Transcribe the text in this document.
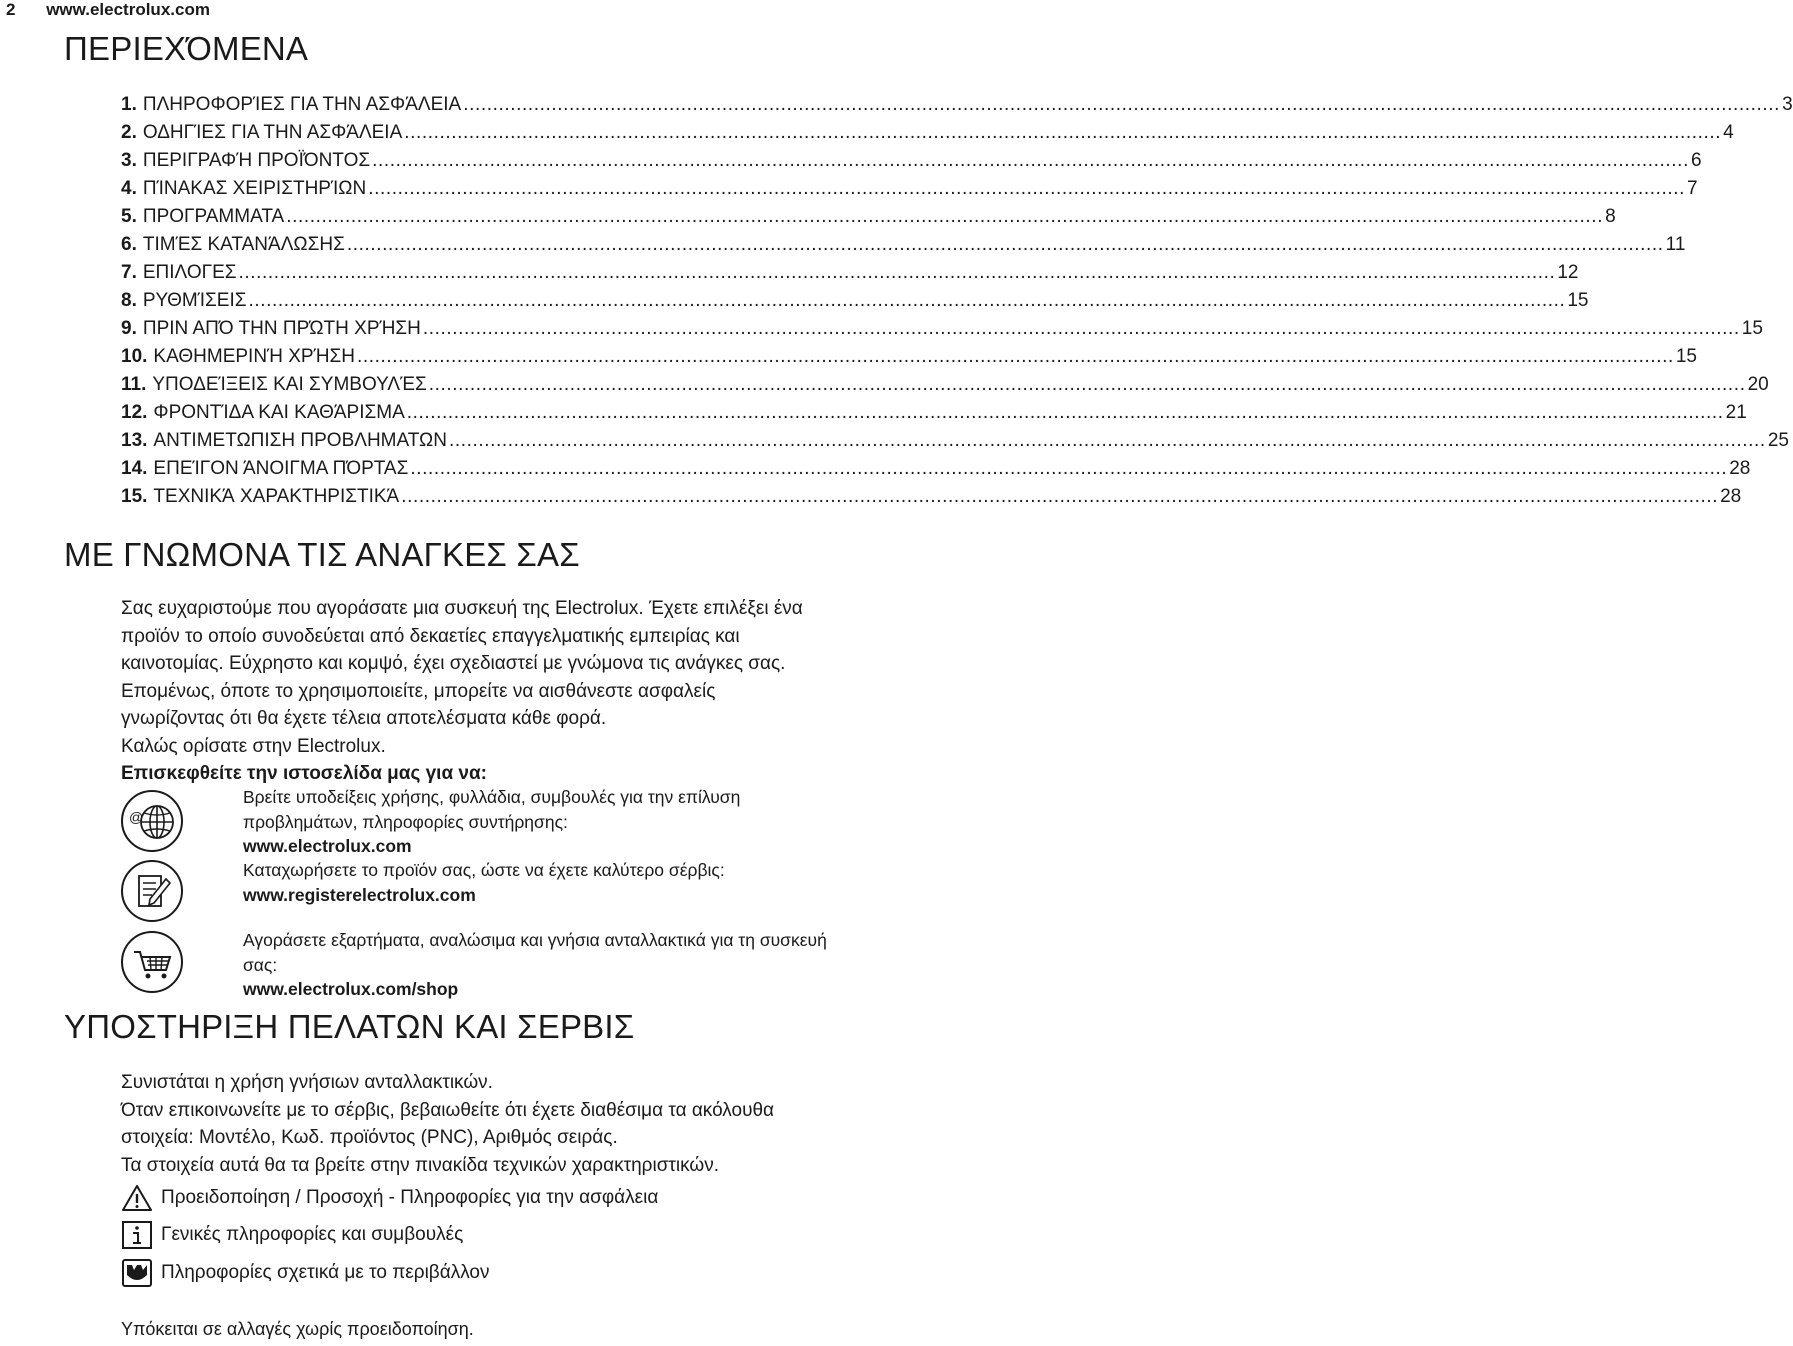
2 www.electrolux.com
ΠΕΡΙΕΧΌΜΕΝΑ
1. ΠΛΗΡΟΦΟΡΊΕΣ ΓΙΑ ΤΗΝ ΑΣΦΆΛΕΙΑ .....	3
2. ΟΔΗΓΊΕΣ ΓΙΑ ΤΗΝ ΑΣΦΆΛΕΙΑ .....	4
3. ΠΕΡΙΓΡΑΦΉ ΠΡΟΪΌΝΤΟΣ .....	6
4. ΠΊΝΑΚΑΣ ΧΕΙΡΙΣΤΗΡΊΩΝ .....	7
5. ΠΡΟΓΡΑΜΜΑΤΑ .....	8
6. ΤΙΜΈΣ ΚΑΤΑΝΆΛΩΣΗΣ .....	11
7. ΕΠΙΛΟΓΕΣ .....	12
8. ΡΥΘΜΊΣΕΙΣ .....	15
9. ΠΡΙΝ ΑΠΌ ΤΗΝ ΠΡΏΤΗ ΧΡΉΣΗ .....	15
10. ΚΑΘΗΜΕΡΙΝΉ ΧΡΉΣΗ .....	15
11. ΥΠΟΔΕΊΞΕΙΣ ΚΑΙ ΣΥΜΒΟΥΛΈΣ .....	20
12. ΦΡΟΝΤΊΔΑ ΚΑΙ ΚΑΘΆΡΙΣΜΑ .....	21
13. ΑΝΤΙΜΕΤΩΠΙΣΗ ΠΡΟΒΛΗΜΑΤΩΝ .....	25
14. ΕΠΕΊΓΟΝ ΆΝΟΙΓΜΑ ΠΌΡΤΑΣ .....	28
15. ΤΕΧΝΙΚΆ ΧΑΡΑΚΤΗΡΙΣΤΙΚΆ .....	28
ΜΕ ΓΝΩΜΟΝΑ ΤΙΣ ΑΝΑΓΚΕΣ ΣΑΣ

Σας ευχαριστούμε που αγοράσατε μια συσκευή της Electrolux. Έχετε επιλέξει ένα

προϊόν το οποίο συνοδεύεται από δεκαετίες επαγγελματικής εμπειρίας και

καινοτομίας. Εύχρηστο και κομψό, έχει σχεδιαστεί με γνώμονα τις ανάγκες σας.

Επομένως, όποτε το χρησιμοποιείτε, μπορείτε να αισθάνεστε ασφαλείς

γνωρίζοντας ότι θα έχετε τέλεια αποτελέσματα κάθε φορά.

Καλώς ορίσατε στην Electrolux.

Επισκεφθείτε την ιστοσελίδα μας για να:

@

Βρείτε υποδείξεις χρήσης, φυλλάδια, συμβουλές για την επίλυση

προβλημάτων, πληροφορίες συντήρησης:

www.electrolux.com

Καταχωρήσετε το προϊόν σας, ώστε να έχετε καλύτερο σέρβις:

www.registerelectrolux.com

Αγοράσετε εξαρτήματα, αναλώσιμα και γνήσια ανταλλακτικά για τη συσκευή

σας:

www.electrolux.com/shop

ΥΠΟΣΤΗΡΙΞΗ ΠΕΛΑΤΩΝ ΚΑΙ ΣΕΡΒΙΣ

Συνιστάται η χρήση γνήσιων ανταλλακτικών.

Όταν επικοινωνείτε με το σέρβις, βεβαιωθείτε ότι έχετε διαθέσιμα τα ακόλουθα

στοιχεία: Μοντέλο, Κωδ. προϊόντος (PNC), Αριθμός σειράς.

Τα στοιχεία αυτά θα τα βρείτε στην πινακίδα τεχνικών χαρακτηριστικών.

Προειδοποίηση / Προσοχή - Πληροφορίες για την ασφάλεια
Γενικές πληροφορίες και συμβουλές
Πληροφορίες σχετικά με το περιβάλλον
Υπόκειται σε αλλαγές χωρίς προειδοποίηση.
